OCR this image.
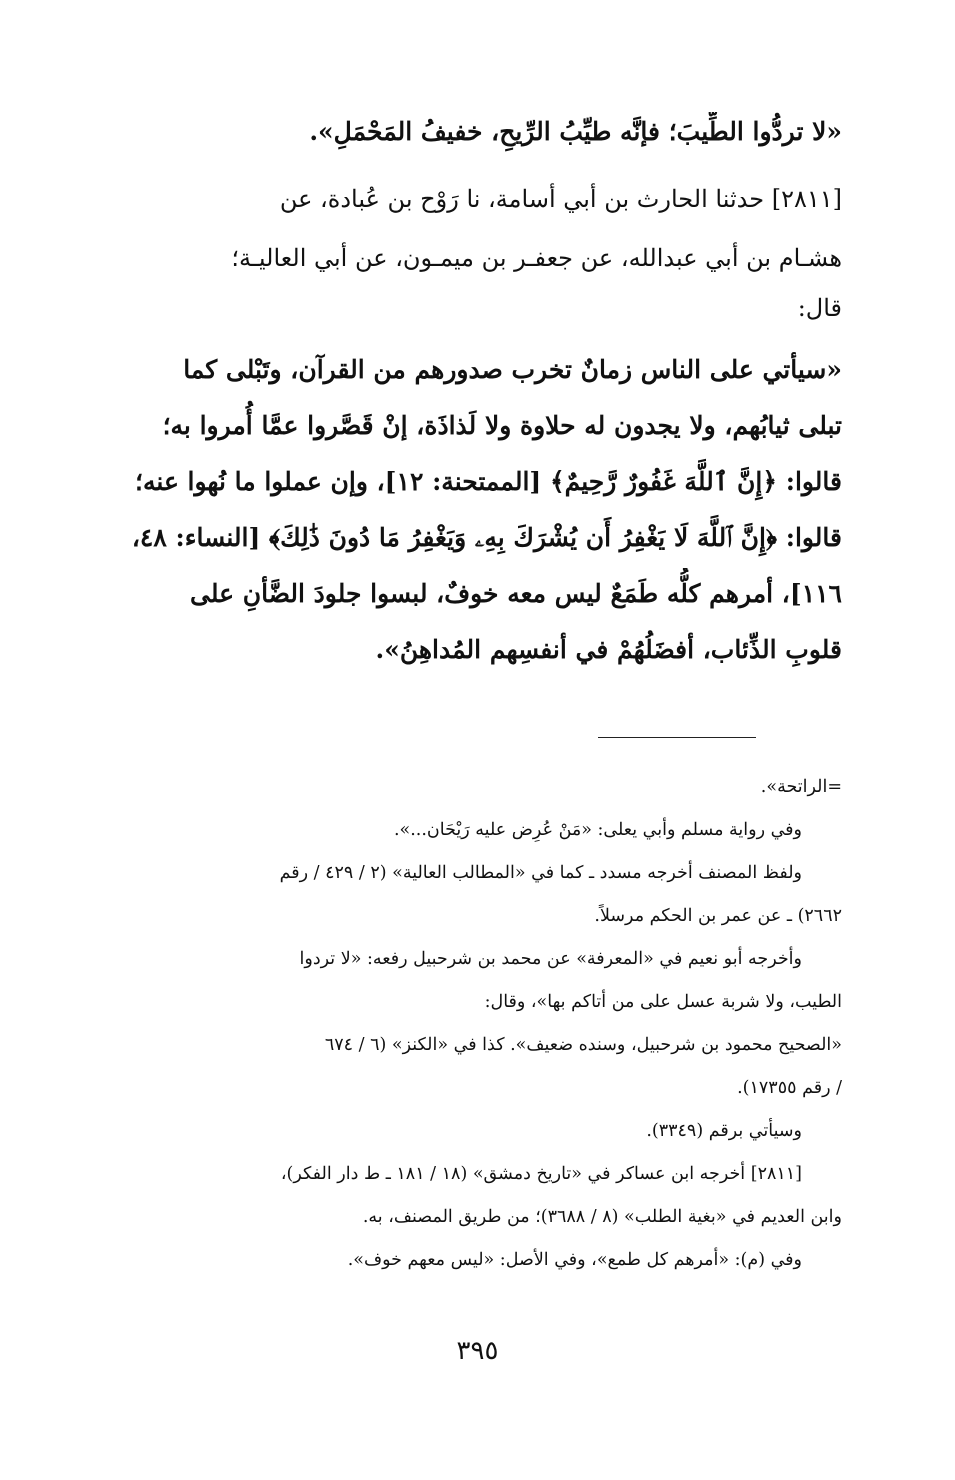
«لا تردُّوا الطِّيبَ؛ فإنَّه طيِّبُ الرِّيحِ، خفيفُ المَحْمَلِ».
[٢٨١١] حدثنا الحارث بن أبي أسامة، نا رَوْح بن عُبادة، عن
هشـام بن أبي عبدالله، عن جعفـر بن ميمـون، عن أبي العاليـة؛
قال:
«سيأتي على الناس زمانٌ تخرب صدورهم من القرآن، وتَبْلى كما
تبلى ثيابُهم، ولا يجدون له حلاوة ولا لَذاذَة، إنْ قَصَّروا عمَّا أُمروا به؛
قالوا: ﴿إِنَّ ٱللَّهَ غَفُورٌ رَّحِيمٌ﴾ [الممتحنة: ١٢]، وإن عملوا ما نُهوا عنه؛
قالوا: ﴿إِنَّ ٱللَّهَ لَا يَغْفِرُ أَن يُشْرَكَ بِهِۦ وَيَغْفِرُ مَا دُونَ ذَٰلِكَ﴾ [النساء: ٤٨،
١١٦]، أمرهم كلُّه طَمَعٌ ليس معه خوفٌ، لبسوا جلودَ الضَّأنِ على
قلوبِ الذِّئاب، أفضَلُهُمْ في أنفسِهم المُداهِنُ».
=الراتحة».
وفي رواية مسلم وأبي يعلى: «مَنْ عُرِض عليه رَيْحَان...».
ولفظ المصنف أخرجه مسدد ـ كما في «المطالب العالية» (٢ / ٤٢٩ / رقم
٢٦٦٢) ـ عن عمر بن الحكم مرسلاً.
وأخرجه أبو نعيم في «المعرفة» عن محمد بن شرحبيل رفعه: «لا تردوا
الطيب، ولا شربة عسل على من أتاكم بها»، وقال:
«الصحيح محمود بن شرحبيل، وسنده ضعيف». كذا في «الكنز» (٦ / ٦٧٤
/ رقم ١٧٣٥٥).
وسيأتي برقم (٣٣٤٩).
[٢٨١١] أخرجه ابن عساكر في «تاريخ دمشق» (١٨ / ١٨١ ـ ط دار الفكر)،
وابن العديم في «بغية الطلب» (٨ / ٣٦٨٨)؛ من طريق المصنف، به.
وفي (م): «أمرهم كل طمع»، وفي الأصل: «ليس معهم خوف».
٣٩٥
